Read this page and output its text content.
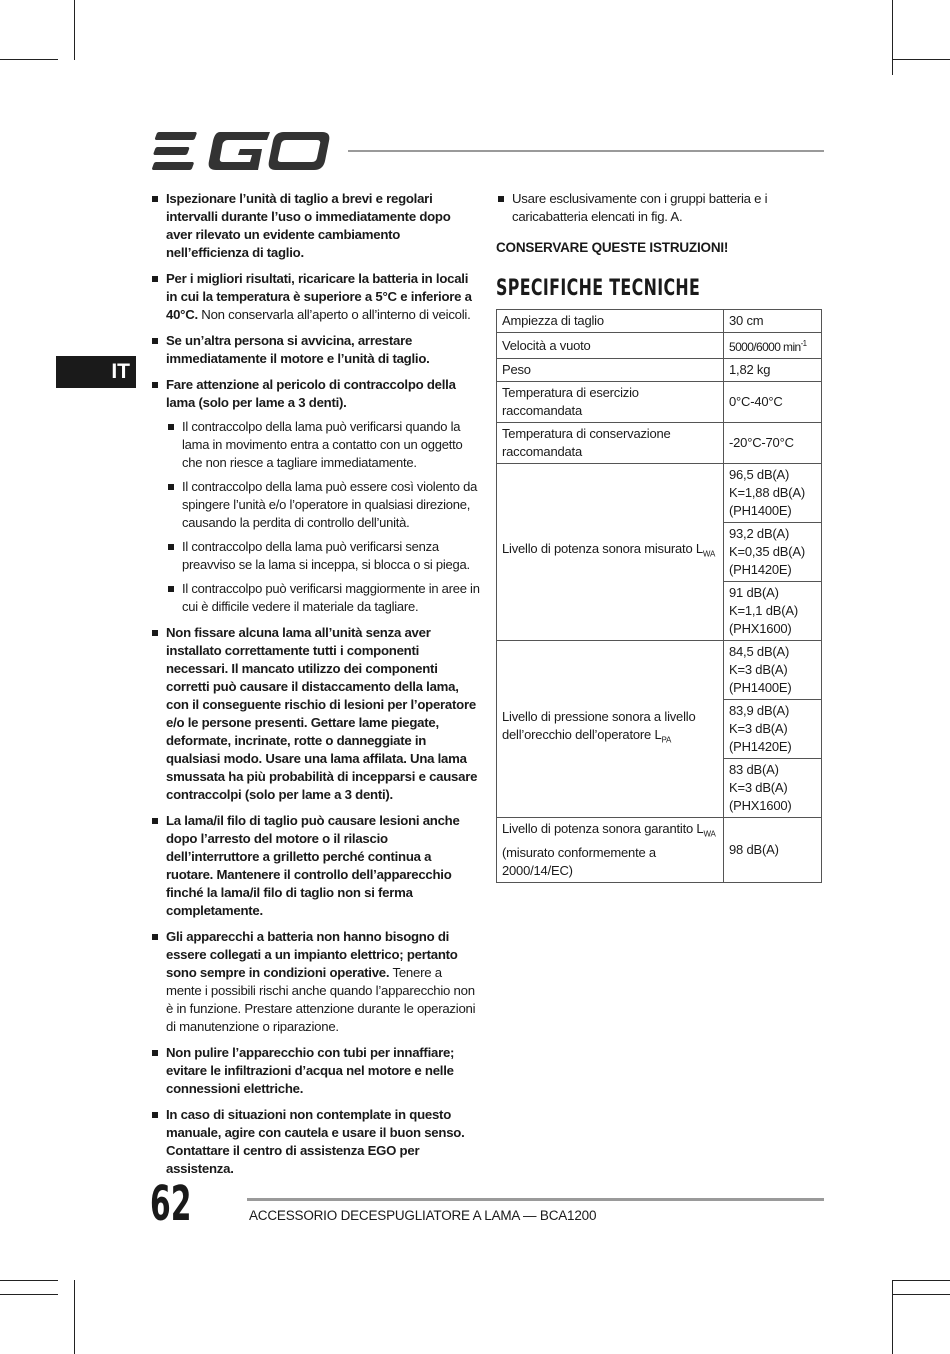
IT
Ispezionare l’unità di taglio a brevi e regolari intervalli durante l’uso o immediatamente dopo aver rilevato un evidente cambiamento nell’efficienza di taglio.
Per i migliori risultati, ricaricare la batteria in locali in cui la temperatura è superiore a 5°C e inferiore a 40°C. Non conservarla all’aperto o all’interno di veicoli.
Se un’altra persona si avvicina, arrestare immediatamente il motore e l’unità di taglio.
Fare attenzione al pericolo di contraccolpo della lama (solo per lame a 3 denti).
Il contraccolpo della lama può verificarsi quando la lama in movimento entra a contatto con un oggetto che non riesce a tagliare immediatamente.
Il contraccolpo della lama può essere così violento da spingere l’unità e/o l’operatore in qualsiasi direzione, causando la perdita di controllo dell’unità.
Il contraccolpo della lama può verificarsi senza preavviso se la lama si inceppa, si blocca o si piega.
Il contraccolpo può verificarsi maggiormente in aree in cui è difficile vedere il materiale da tagliare.
Non fissare alcuna lama all’unità senza aver installato correttamente tutti i componenti necessari. Il mancato utilizzo dei componenti corretti può causare il distaccamento della lama, con il conseguente rischio di lesioni per l’operatore e/o le persone presenti. Gettare lame piegate, deformate, incrinate, rotte o danneggiate in qualsiasi modo. Usare una lama affilata. Una lama smussata ha più probabilità di incepparsi e causare contraccolpi (solo per lame a 3 denti).
La lama/il filo di taglio può causare lesioni anche dopo l’arresto del motore o il rilascio dell’interruttore a grilletto perché continua a ruotare. Mantenere il controllo dell’apparecchio finché la lama/il filo di taglio non si ferma completamente.
Gli apparecchi a batteria non hanno bisogno di essere collegati a un impianto elettrico; pertanto sono sempre in condizioni operative. Tenere a mente i possibili rischi anche quando l’apparecchio non è in funzione. Prestare attenzione durante le operazioni di manutenzione o riparazione.
Non pulire l’apparecchio con tubi per innaffiare; evitare le infiltrazioni d’acqua nel motore e nelle connessioni elettriche.
In caso di situazioni non contemplate in questo manuale, agire con cautela e usare il buon senso. Contattare il centro di assistenza EGO per assistenza.
Usare esclusivamente con i gruppi batteria e i caricabatteria elencati in fig. A.
CONSERVARE QUESTE ISTRUZIONI!
SPECIFICHE TECNICHE
Ampiezza di taglio	30 cm
Velocità a vuoto	5000/6000 $\min^{-1}$
Peso	1,82 kg
Temperatura di esercizio raccomandata	0°C-40°C
Temperatura di conservazione raccomandata	-20°C-70°C
Livello di potenza sonora misurato $L_{WA}$	96,5 dB(A)
K=1,88 dB(A)
(PH1400E)

	93,2 dB(A)
K=0,35 dB(A)
(PH1420E)

	91 dB(A)
K=1,1 dB(A)
(PHX1600)

Livello di pressione sonora a livello dell’orecchio dell’operatore $L_{PA}$	84,5 dB(A)
K=3 dB(A)
(PH1400E)

	83,9 dB(A)
K=3 dB(A)
(PH1420E)

	83 dB(A)
K=3 dB(A)
(PHX1600)

Livello di potenza sonora garantito $L_{WA}$ (misurato conformemente a 2000/14/EC)	98 dB(A)
62	ACCESSORIO DECESPUGLIATORE A LAMA — BCA1200
